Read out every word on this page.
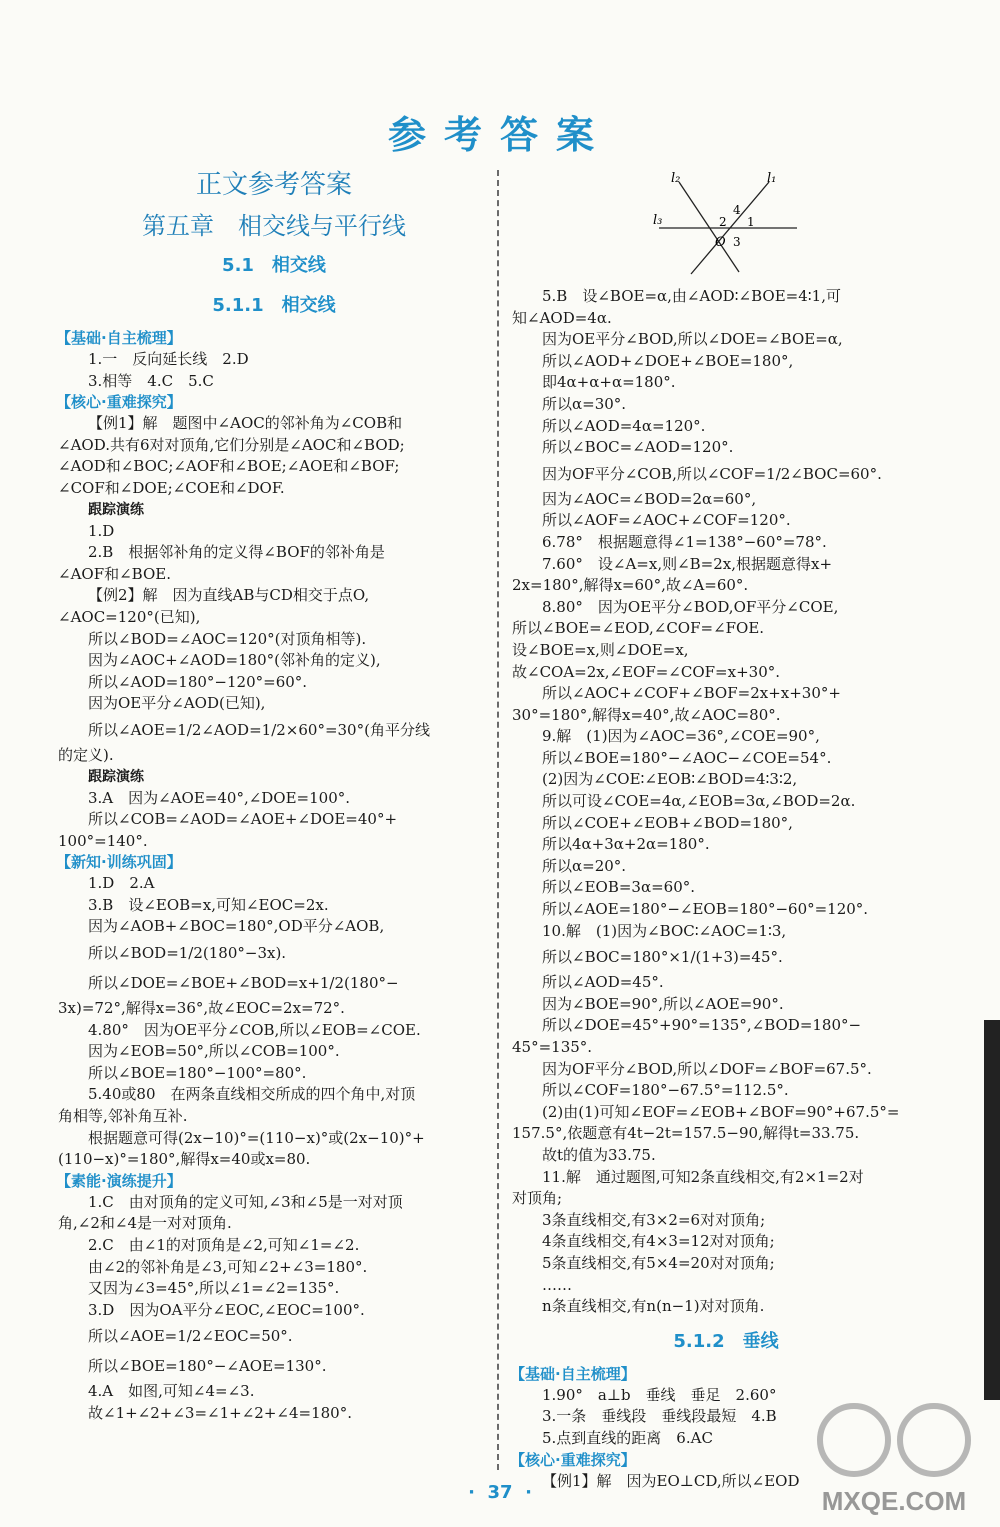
参考答案
正文参考答案
第五章　相交线与平行线
5.1　相交线
5.1.1　相交线
【基础·自主梳理】
1.一　反向延长线　2.D
3.相等　4.C　5.C
【核心·重难探究】
【例1】解　题图中∠AOC的邻补角为∠COB和
∠AOD.共有6对对顶角,它们分别是∠AOC和∠BOD;
∠AOD和∠BOC;∠AOF和∠BOE;∠AOE和∠BOF;
∠COF和∠DOE;∠COE和∠DOF.
跟踪演练
1.D
2.B　根据邻补角的定义得∠BOF的邻补角是
∠AOF和∠BOE.
【例2】解　因为直线AB与CD相交于点O,
∠AOC=120°(已知),
所以∠BOD=∠AOC=120°(对顶角相等).
因为∠AOC+∠AOD=180°(邻补角的定义),
所以∠AOD=180°−120°=60°.
因为OE平分∠AOD(已知),
所以∠AOE=1/2∠AOD=1/2×60°=30°(角平分线
的定义).
跟踪演练
3.A　因为∠AOE=40°,∠DOE=100°.
所以∠COB=∠AOD=∠AOE+∠DOE=40°+
100°=140°.
【新知·训练巩固】
1.D　2.A
3.B　设∠EOB=x,可知∠EOC=2x.
因为∠AOB+∠BOC=180°,OD平分∠AOB,
所以∠BOD=1/2(180°−3x).
所以∠DOE=∠BOE+∠BOD=x+1/2(180°−
3x)=72°,解得x=36°,故∠EOC=2x=72°.
4.80°　因为OE平分∠COB,所以∠EOB=∠COE.
因为∠EOB=50°,所以∠COB=100°.
所以∠BOE=180°−100°=80°.
5.40或80　在两条直线相交所成的四个角中,对顶
角相等,邻补角互补.
根据题意可得(2x−10)°=(110−x)°或(2x−10)°+
(110−x)°=180°,解得x=40或x=80.
【素能·演练提升】
1.C　由对顶角的定义可知,∠3和∠5是一对对顶
角,∠2和∠4是一对对顶角.
2.C　由∠1的对顶角是∠2,可知∠1=∠2.
由∠2的邻补角是∠3,可知∠2+∠3=180°.
又因为∠3=45°,所以∠1=∠2=135°.
3.D　因为OA平分∠EOC,∠EOC=100°.
所以∠AOE=1/2∠EOC=50°.
所以∠BOE=180°−∠AOE=130°.
4.A　如图,可知∠4=∠3.
故∠1+∠2+∠3=∠1+∠2+∠4=180°.
l₂	l₁
l₃
O
4
2 1
3
5.B　设∠BOE=α,由∠AOD∶∠BOE=4∶1,可
知∠AOD=4α.
因为OE平分∠BOD,所以∠DOE=∠BOE=α,
所以∠AOD+∠DOE+∠BOE=180°,
即4α+α+α=180°.
所以α=30°.
所以∠AOD=4α=120°.
所以∠BOC=∠AOD=120°.
因为OF平分∠COB,所以∠COF=1/2∠BOC=60°.
因为∠AOC=∠BOD=2α=60°,
所以∠AOF=∠AOC+∠COF=120°.
6.78°　根据题意得∠1=138°−60°=78°.
7.60°　设∠A=x,则∠B=2x,根据题意得x+
2x=180°,解得x=60°,故∠A=60°.
8.80°　因为OE平分∠BOD,OF平分∠COE,
所以∠BOE=∠EOD,∠COF=∠FOE.
设∠BOE=x,则∠DOE=x,
故∠COA=2x,∠EOF=∠COF=x+30°.
所以∠AOC+∠COF+∠BOF=2x+x+30°+
30°=180°,解得x=40°,故∠AOC=80°.
9.解　(1)因为∠AOC=36°,∠COE=90°,
所以∠BOE=180°−∠AOC−∠COE=54°.
(2)因为∠COE∶∠EOB∶∠BOD=4∶3∶2,
所以可设∠COE=4α,∠EOB=3α,∠BOD=2α.
所以∠COE+∠EOB+∠BOD=180°,
所以4α+3α+2α=180°.
所以α=20°.
所以∠EOB=3α=60°.
所以∠AOE=180°−∠EOB=180°−60°=120°.
10.解　(1)因为∠BOC∶∠AOC=1∶3,
所以∠BOC=180°×1/(1+3)=45°.
所以∠AOD=45°.
因为∠BOE=90°,所以∠AOE=90°.
所以∠DOE=45°+90°=135°,∠BOD=180°−
45°=135°.
因为OF平分∠BOD,所以∠DOF=∠BOF=67.5°.
所以∠COF=180°−67.5°=112.5°.
(2)由(1)可知∠EOF=∠EOB+∠BOF=90°+67.5°=
157.5°,依题意有4t−2t=157.5−90,解得t=33.75.
故t的值为33.75.
11.解　通过题图,可知2条直线相交,有2×1=2对
对顶角;
3条直线相交,有3×2=6对对顶角;
4条直线相交,有4×3=12对对顶角;
5条直线相交,有5×4=20对对顶角;
……
n条直线相交,有n(n−1)对对顶角.
5.1.2　垂线
【基础·自主梳理】
1.90°　a⊥b　垂线　垂足　2.60°
3.一条　垂线段　垂线段最短　4.B
5.点到直线的距离　6.AC
【核心·重难探究】
【例1】解　因为EO⊥CD,所以∠EOD
·  37  ·	MXQE.COM
